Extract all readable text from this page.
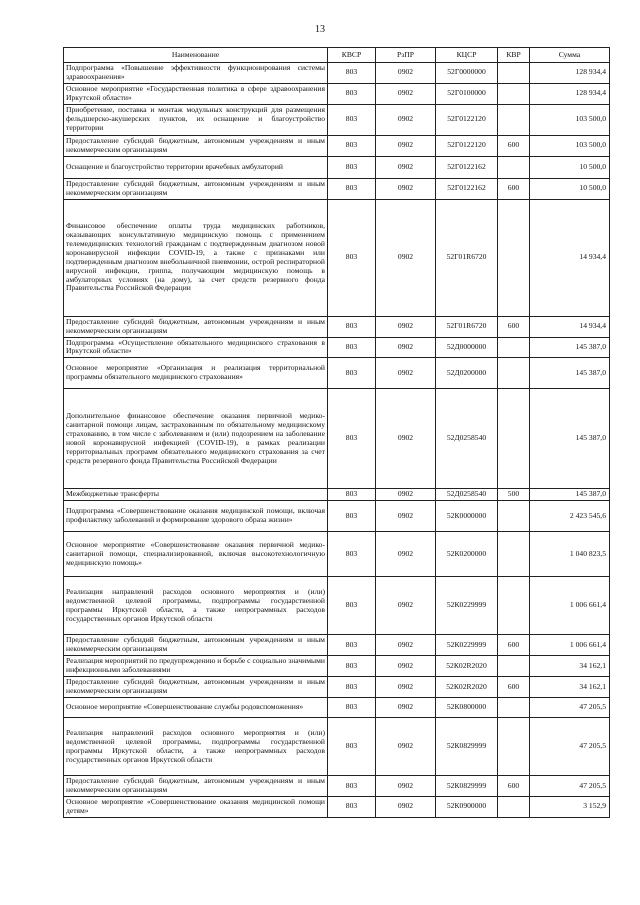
13
Наименование	КВСР	РзПР	КЦСР	КВР	Сумма
Подпрограмма «Повышение эффективности функционирования системы здравоохранения»	803	0902	52Г0000000		128 934,4
Основное мероприятие «Государственная политика в сфере здравоохранения Иркутской области»	803	0902	52Г0100000		128 934,4
Приобретение, поставка и монтаж модульных конструкций для размещения фельдшерско-акушерских пунктов, их оснащение и благоустройство территории	803	0902	52Г0122120		103 500,0
Предоставление субсидий бюджетным, автономным учреждениям и иным некоммерческим организациям	803	0902	52Г0122120	600	103 500,0
Оснащение и благоустройство территории врачебных амбулаторий	803	0902	52Г0122162		10 500,0
Предоставление субсидий бюджетным, автономным учреждениям и иным некоммерческим организациям	803	0902	52Г0122162	600	10 500,0
Финансовое обеспечение оплаты труда медицинских работников, оказывающих консультативную медицинскую помощь с применением телемедицинских технологий гражданам с подтвержденным диагнозом новой коронавирусной инфекции COVID-19, а также с признаками или подтвержденным диагнозом внебольничной пневмонии, острой респираторной вирусной инфекции, гриппа, получающим медицинскую помощь в амбулаторных условиях (на дому), за счет средств резервного фонда Правительства Российской Федерации	803	0902	52Г01R6720		14 934,4
Предоставление субсидий бюджетным, автономным учреждениям и иным некоммерческим организациям	803	0902	52Г01R6720	600	14 934,4
Подпрограмма «Осуществление обязательного медицинского страхования в Иркутской области»	803	0902	52Д0000000		145 387,0
Основное мероприятие «Организация и реализация территориальной программы обязательного медицинского страхования»	803	0902	52Д0200000		145 387,0
Дополнительное финансовое обеспечение оказания первичной медико-санитарной помощи лицам, застрахованным по обязательному медицинскому страхованию, в том числе с заболеванием и (или) подозрением на заболевание новой коронавирусной инфекцией (COVID-19), в рамках реализации территориальных программ обязательного медицинского страхования за счет средств резервного фонда Правительства Российской Федерации	803	0902	52Д0258540		145 387,0
Межбюджетные трансферты	803	0902	52Д0258540	500	145 387,0
Подпрограмма «Совершенствование оказания медицинской помощи, включая профилактику заболеваний и формирование здорового образа жизни»	803	0902	52К0000000		2 423 545,6
Основное мероприятие «Совершенствование оказания первичной медико-санитарной помощи, специализированной, включая высокотехнологичную медицинскую помощь»	803	0902	52К0200000		1 040 823,5
Реализация направлений расходов основного мероприятия и (или) ведомственной целевой программы, подпрограммы государственной программы Иркутской области, а также непрограммных расходов государственных органов Иркутской области	803	0902	52К0229999		1 006 661,4
Предоставление субсидий бюджетным, автономным учреждениям и иным некоммерческим организациям	803	0902	52К0229999	600	1 006 661,4
Реализация мероприятий по предупреждению и борьбе с социально значимыми инфекционными заболеваниями	803	0902	52К02R2020		34 162,1
Предоставление субсидий бюджетным, автономным учреждениям и иным некоммерческим организациям	803	0902	52К02R2020	600	34 162,1
Основное мероприятие «Совершенствование службы родовспоможения»	803	0902	52К0800000		47 205,5
Реализация направлений расходов основного мероприятия и (или) ведомственной целевой программы, подпрограммы государственной программы Иркутской области, а также непрограммных расходов государственных органов Иркутской области	803	0902	52К0829999		47 205,5
Предоставление субсидий бюджетным, автономным учреждениям и иным некоммерческим организациям	803	0902	52К0829999	600	47 205,5
Основное мероприятие «Совершенствование оказания медицинской помощи детям»	803	0902	52К0900000		3 152,9
